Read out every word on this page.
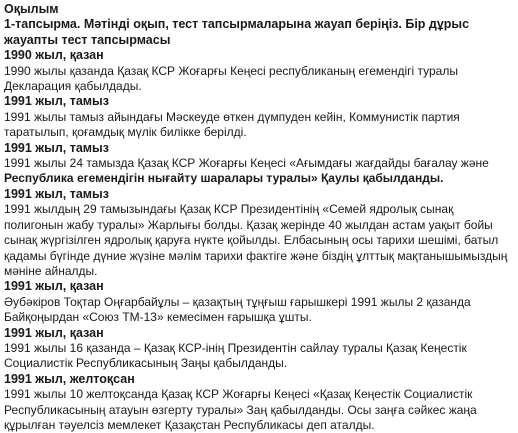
Оқылым
1-тапсырма. Мәтінді оқып, тест тапсырмаларына жауап беріңіз. Бір дұрыс жауапты тест тапсырмасы
1990 жыл, қазан
1990 жылы қазанда Қазақ КСР Жоғарғы Кеңесі республиканың егемендігі туралы Декларация қабылдады.
1991 жыл, тамыз
1991 жылы тамыз айындағы Мәскеуде өткен дүмпуден кейін, Коммунистік партия таратылып, қоғамдық мүлік билікке берілді.
1991 жыл, тамыз
1991 жылы 24 тамызда Қазақ КСР Жоғарғы Кеңесі «Ағымдағы жағдайды бағалау және Республика егемендігін нығайту шаралары туралы» Қаулы қабылданды.
1991 жыл, тамыз
1991 жылдың 29 тамызындағы Қазақ КСР Президентінің «Семей ядролық сынақ полигонын жабу туралы» Жарлығы болды. Қазақ жерінде 40 жылдан астам уақыт бойы сынақ жүргізілген ядролық қаруға нүкте қойылды. Елбасының осы тарихи шешімі, батыл қадамы бүгінде дүние жүзіне мәлім тарихи фактіге және біздің ұлттық мақтанышымыздың мәніне айналды.
1991 жыл, қазан
Әубәкіров Тоқтар Оңғарбайұлы – қазақтың тұңғыш ғарышкері 1991 жылы 2 қазанда Байқоңырдан «Союз ТМ-13» кемесімен ғарышқа ұшты.
1991 жыл, қазан
1991 жылы 16 қазанда – Қазақ КСР-інің Президентін сайлау туралы Қазақ Кеңестік Социалистік Республикасының Заңы қабылданды.
1991 жыл, желтоқсан
1991 жылы 10 желтоқсанда Қазақ КСР Жоғарғы Кеңесі «Қазақ Кеңестік Социалистік Республикасының атауын өзгерту туралы» Заң қабылданды. Осы заңға сәйкес жаңа құрылған тәуелсіз мемлекет Қазақстан Республикасы деп аталды.
